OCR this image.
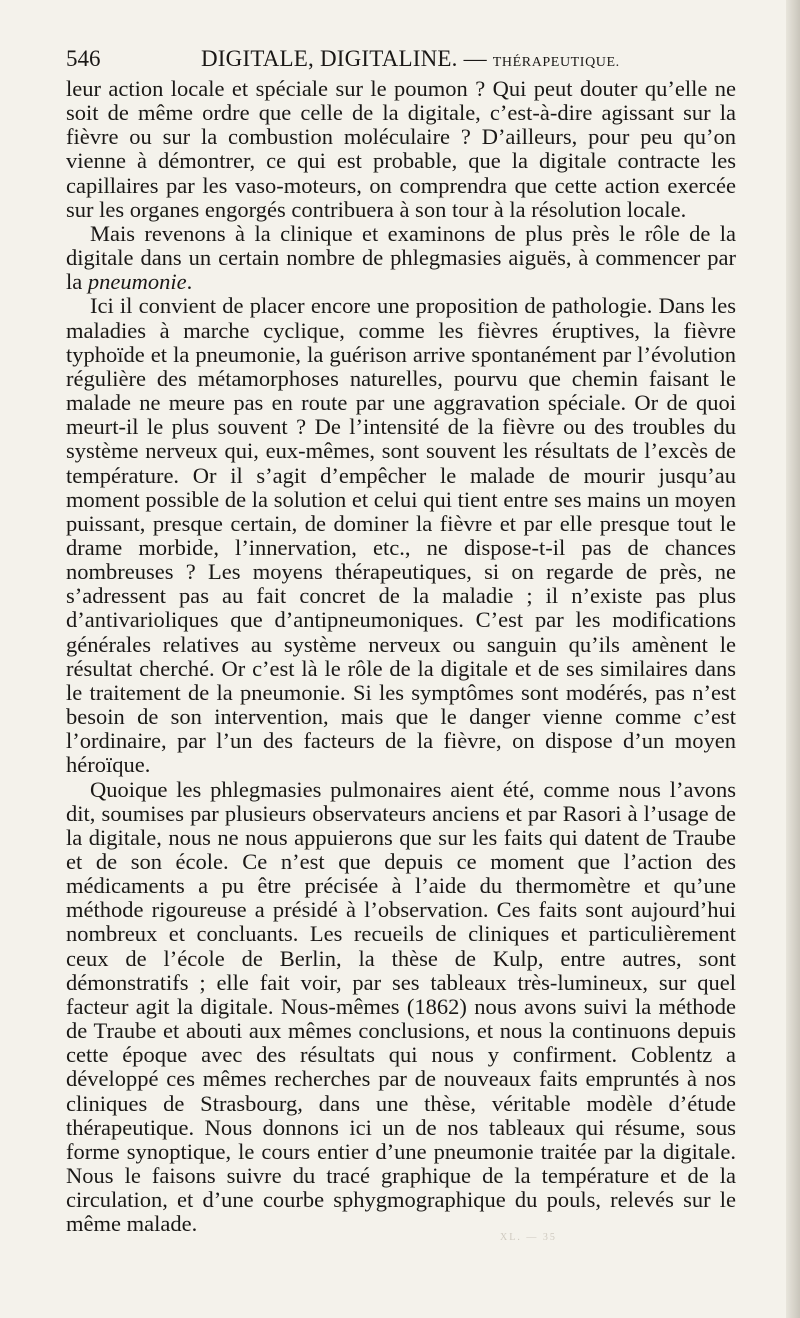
546	DIGITALE, DIGITALINE. — THÉRAPEUTIQUE.

leur action locale et spéciale sur le poumon ? Qui peut douter qu’elle ne soit de même ordre que celle de la digitale, c’est-à-dire agissant sur la fièvre ou sur la combustion moléculaire ? D’ailleurs, pour peu qu’on vienne à démontrer, ce qui est probable, que la digitale contracte les capillaires par les vaso-moteurs, on comprendra que cette action exercée sur les organes engorgés contribuera à son tour à la résolution locale.

Mais revenons à la clinique et examinons de plus près le rôle de la digitale dans un certain nombre de phlegmasies aiguës, à commencer par la pneumonie.

Ici il convient de placer encore une proposition de pathologie. Dans les maladies à marche cyclique, comme les fièvres éruptives, la fièvre typhoïde et la pneumonie, la guérison arrive spontanément par l’évolution régulière des métamorphoses naturelles, pourvu que chemin faisant le malade ne meure pas en route par une aggravation spéciale. Or de quoi meurt-il le plus souvent ? De l’intensité de la fièvre ou des troubles du système nerveux qui, eux-mêmes, sont souvent les résultats de l’excès de température. Or il s’agit d’empêcher le malade de mourir jusqu’au moment possible de la solution et celui qui tient entre ses mains un moyen puissant, presque certain, de dominer la fièvre et par elle presque tout le drame morbide, l’innervation, etc., ne dispose-t-il pas de chances nombreuses ? Les moyens thérapeutiques, si on regarde de près, ne s’adressent pas au fait concret de la maladie ; il n’existe pas plus d’antivarioliques que d’antipneumoniques. C’est par les modifications générales relatives au système nerveux ou sanguin qu’ils amènent le résultat cherché. Or c’est là le rôle de la digitale et de ses similaires dans le traitement de la pneumonie. Si les symptômes sont modérés, pas n’est besoin de son intervention, mais que le danger vienne comme c’est l’ordinaire, par l’un des facteurs de la fièvre, on dispose d’un moyen héroïque.

Quoique les phlegmasies pulmonaires aient été, comme nous l’avons dit, soumises par plusieurs observateurs anciens et par Rasori à l’usage de la digitale, nous ne nous appuierons que sur les faits qui datent de Traube et de son école. Ce n’est que depuis ce moment que l’action des médicaments a pu être précisée à l’aide du thermomètre et qu’une méthode rigoureuse a présidé à l’observation. Ces faits sont aujourd’hui nombreux et concluants. Les recueils de cliniques et particulièrement ceux de l’école de Berlin, la thèse de Kulp, entre autres, sont démonstratifs ; elle fait voir, par ses tableaux très-lumineux, sur quel facteur agit la digitale. Nous-mêmes (1862) nous avons suivi la méthode de Traube et abouti aux mêmes conclusions, et nous la continuons depuis cette époque avec des résultats qui nous y confirment. Coblentz a développé ces mêmes recherches par de nouveaux faits empruntés à nos cliniques de Strasbourg, dans une thèse, véritable modèle d’étude thérapeutique. Nous donnons ici un de nos tableaux qui résume, sous forme synoptique, le cours entier d’une pneumonie traitée par la digitale. Nous le faisons suivre du tracé graphique de la température et de la circulation, et d’une courbe sphygmographique du pouls, relevés sur le même malade.

XL. — 35
